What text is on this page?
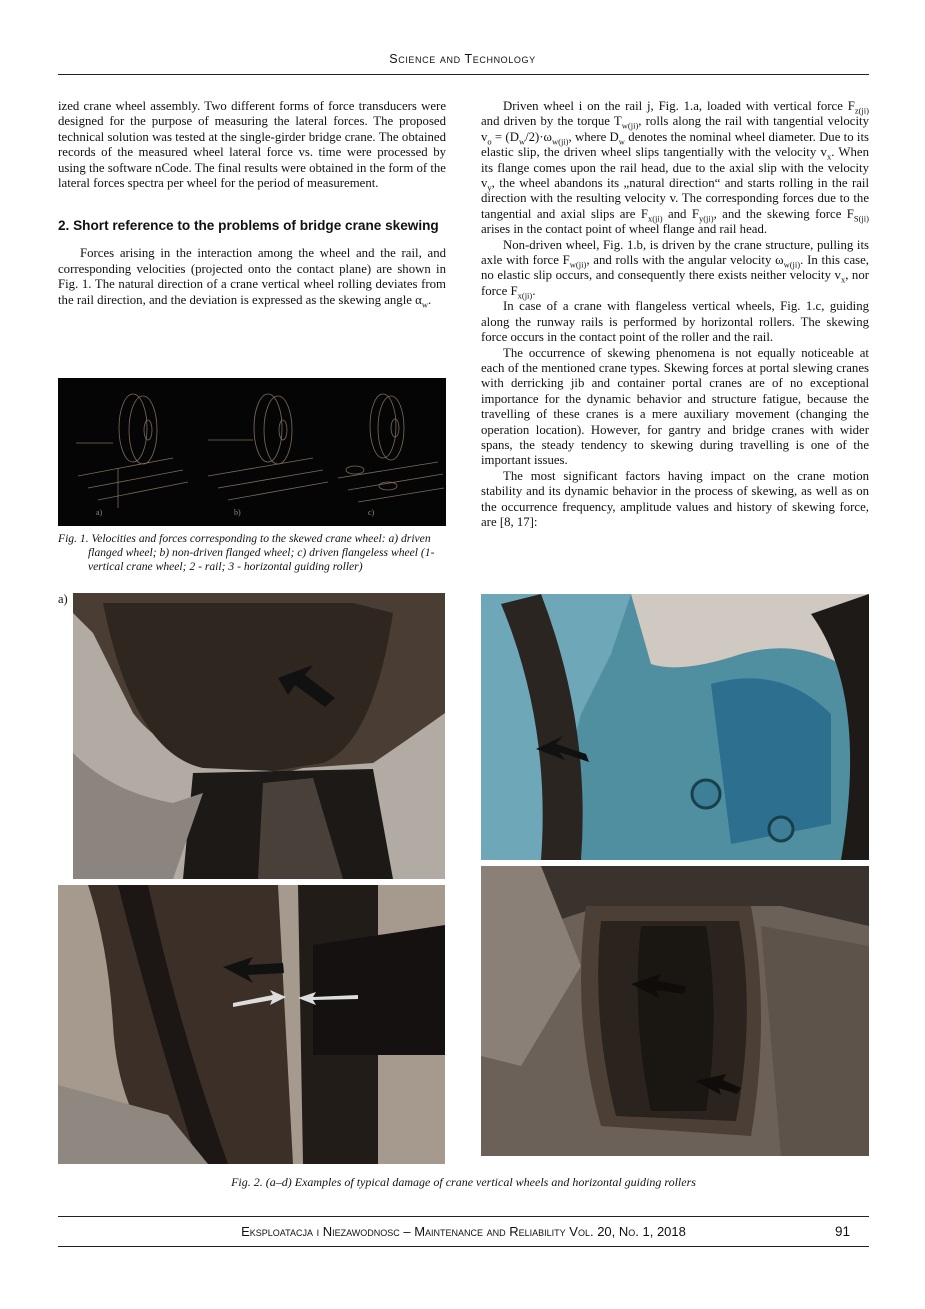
Science and Technology

ized crane wheel assembly. Two different forms of force transducers were designed for the purpose of measuring the lateral forces. The proposed technical solution was tested at the single-girder bridge crane. The obtained records of the measured wheel lateral force vs. time were processed by using the software nCode. The final results were obtained in the form of the lateral forces spectra per wheel for the period of measurement.

2. Short reference to the problems of bridge crane skewing

Forces arising in the interaction among the wheel and the rail, and corresponding velocities (projected onto the contact plane) are shown in Fig. 1. The natural direction of a crane vertical wheel rolling deviates from the rail direction, and the deviation is expressed as the skewing angle $\alpha_w$.

a)	b)	c)
Fig. 1. Velocities and forces corresponding to the skewed crane wheel: a) driven flanged wheel; b) non-driven flanged wheel; c) driven flangeless wheel (1- vertical crane wheel; 2 - rail; 3 - horizontal guiding roller)

Driven wheel i on the rail j, Fig. 1.a, loaded with vertical force $F_{z(ji)}$ and driven by the torque $T_{w(ji)}$, rolls along the rail with tangential velocity $v_o = (D_w/2)\cdot\omega_{w(ji)}$, where $D_w$ denotes the nominal wheel diameter. Due to its elastic slip, the driven wheel slips tangentially with the velocity $v_x$. When its flange comes upon the rail head, due to the axial slip with the velocity $v_y$, the wheel abandons its „natural direction“ and starts rolling in the rail direction with the resulting velocity v. The corresponding forces due to the tangential and axial slips are $F_{x(ji)}$ and $F_{y(ji)}$, and the skewing force $F_{S(ji)}$ arises in the contact point of wheel flange and rail head.

Non-driven wheel, Fig. 1.b, is driven by the crane structure, pulling its axle with force $F_{w(ji)}$, and rolls with the angular velocity $\omega_{w(ji)}$. In this case, no elastic slip occurs, and consequently there exists neither velocity $v_x$, nor force $F_{x(ji)}$.

In case of a crane with flangeless vertical wheels, Fig. 1.c, guiding along the runway rails is performed by horizontal rollers. The skewing force occurs in the contact point of the roller and the rail.

The occurrence of skewing phenomena is not equally noticeable at each of the mentioned crane types. Skewing forces at portal slewing cranes with derricking jib and container portal cranes are of no exceptional importance for the dynamic behavior and structure fatigue, because the travelling of these cranes is a mere auxiliary movement (changing the operation location). However, for gantry and bridge cranes with wider spans, the steady tendency to skewing during travelling is one of the important issues.

The most significant factors having impact on the crane motion stability and its dynamic behavior in the process of skewing, as well as on the occurrence frequency, amplitude values and history of skewing force, are [8, 17]:

a)
Fig. 2. (a–d) Examples of typical damage of crane vertical wheels and horizontal guiding rollers
Eksploatacja i Niezawodnosc – Maintenance and Reliability Vol. 20, No. 1, 2018	91
